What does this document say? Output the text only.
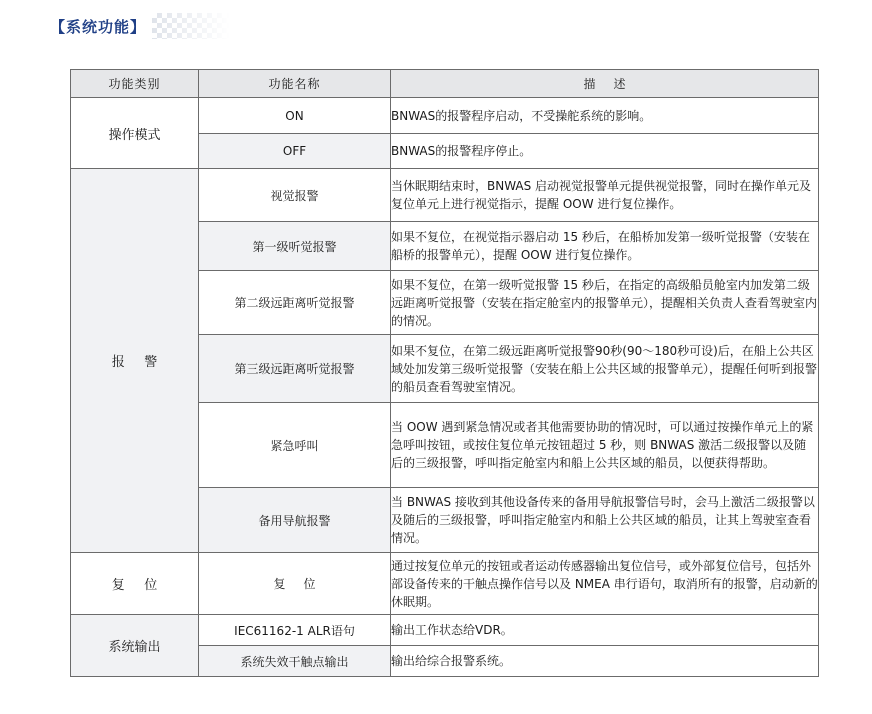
【系统功能】
功能类别	功能名称	描述
操作模式	ON	BNWAS的报警程序启动，不受操舵系统的影响。
	OFF	BNWAS的报警程序停止。
报警	视觉报警	当休眠期结束时，BNWAS 启动视觉报警单元提供视觉报警，同时在操作单元及复位单元上进行视觉指示，提醒 OOW 进行复位操作。
	第一级听觉报警	如果不复位，在视觉指示器启动 15 秒后，在船桥加发第一级听觉报警（安装在船桥的报警单元），提醒 OOW 进行复位操作。
	第二级远距离听觉报警	如果不复位，在第一级听觉报警 15 秒后，在指定的高级船员舱室内加发第二级远距离听觉报警（安装在指定舱室内的报警单元），提醒相关负责人查看驾驶室内的情况。
	第三级远距离听觉报警	如果不复位，在第二级远距离听觉报警90秒(90～180秒可设)后，在船上公共区域处加发第三级听觉报警（安装在船上公共区域的报警单元），提醒任何听到报警的船员查看驾驶室情况。
	紧急呼叫	当 OOW 遇到紧急情况或者其他需要协助的情况时，可以通过按操作单元上的紧急呼叫按钮，或按住复位单元按钮超过 5 秒，则 BNWAS 激活二级报警以及随后的三级报警，呼叫指定舱室内和船上公共区域的船员，以便获得帮助。
	备用导航报警	当 BNWAS 接收到其他设备传来的备用导航报警信号时，会马上激活二级报警以及随后的三级报警，呼叫指定舱室内和船上公共区域的船员，让其上驾驶室查看情况。
复位	复位	通过按复位单元的按钮或者运动传感器输出复位信号，或外部复位信号，包括外部设备传来的干触点操作信号以及 NMEA 串行语句，取消所有的报警，启动新的休眠期。
系统输出	IEC61162-1 ALR语句	输出工作状态给VDR。
	系统失效干触点输出	输出给综合报警系统。
